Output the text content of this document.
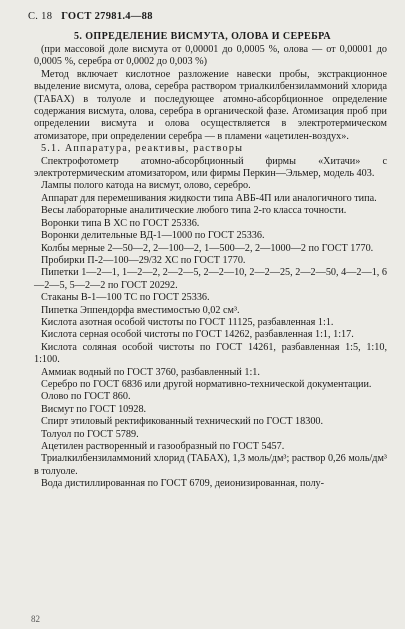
С. 18 ГОСТ 27981.4—88
5. ОПРЕДЕЛЕНИЕ ВИСМУТА, ОЛОВА И СЕРЕБРА

(при массовой доле висмута от 0,00001 до 0,0005 %, олова — от 0,00001 до 0,0005 %, серебра от 0,0002 до 0,003 %)

Метод включает кислотное разложение навески пробы, экстракционное выделение висмута, олова, серебра раствором триалкилбензиламмоний хлорида (ТАБАХ) в толуоле и последующее атомно-абсорбционное определение содержания висмута, олова, серебра в органической фазе. Атомизация проб при определении висмута и олова осуществляется в электротермическом атомизаторе, при определении серебра — в пламени «ацетилен-воздух».

5.1. Аппаратура, реактивы, растворы

Спектрофотометр атомно-абсорбционный фирмы «Хитачи» с электротермическим атомизатором, или фирмы Перкин—Эльмер, модель 403.

Лампы полого катода на висмут, олово, серебро.

Аппарат для перемешивания жидкости типа АВБ-4П или аналогичного типа.

Весы лабораторные аналитические любого типа 2-го класса точности.

Воронки типа В ХС по ГОСТ 25336.

Воронки делительные ВД-1—1000 по ГОСТ 25336.

Колбы мерные 2—50—2, 2—100—2, 1—500—2, 2—1000—2 по ГОСТ 1770.

Пробирки П-2—100—29/32 ХС по ГОСТ 1770.

Пипетки 1—2—1, 1—2—2, 2—2—5, 2—2—10, 2—2—25, 2—2—50, 4—2—1, 6—2—5, 5—2—2 по ГОСТ 20292.

Стаканы В-1—100 ТС по ГОСТ 25336.

Пипетка Эппендорфа вместимостью 0,02 см³.

Кислота азотная особой чистоты по ГОСТ 11125, разбавленная 1:1.

Кислота серная особой чистоты по ГОСТ 14262, разбавленная 1:1, 1:17.

Кислота соляная особой чистоты по ГОСТ 14261, разбавленная 1:5, 1:10, 1:100.

Аммиак водный по ГОСТ 3760, разбавленный 1:1.

Серебро по ГОСТ 6836 или другой нормативно-технической документации.

Олово по ГОСТ 860.

Висмут по ГОСТ 10928.

Спирт этиловый ректификованный технический по ГОСТ 18300.

Толуол по ГОСТ 5789.

Ацетилен растворенный и газообразный по ГОСТ 5457.

Триалкилбензиламмоний хлорид (ТАБАХ), 1,3 моль/дм³; раствор 0,26 моль/дм³ в толуоле.

Вода дистиллированная по ГОСТ 6709, деионизированная, полу-

82
